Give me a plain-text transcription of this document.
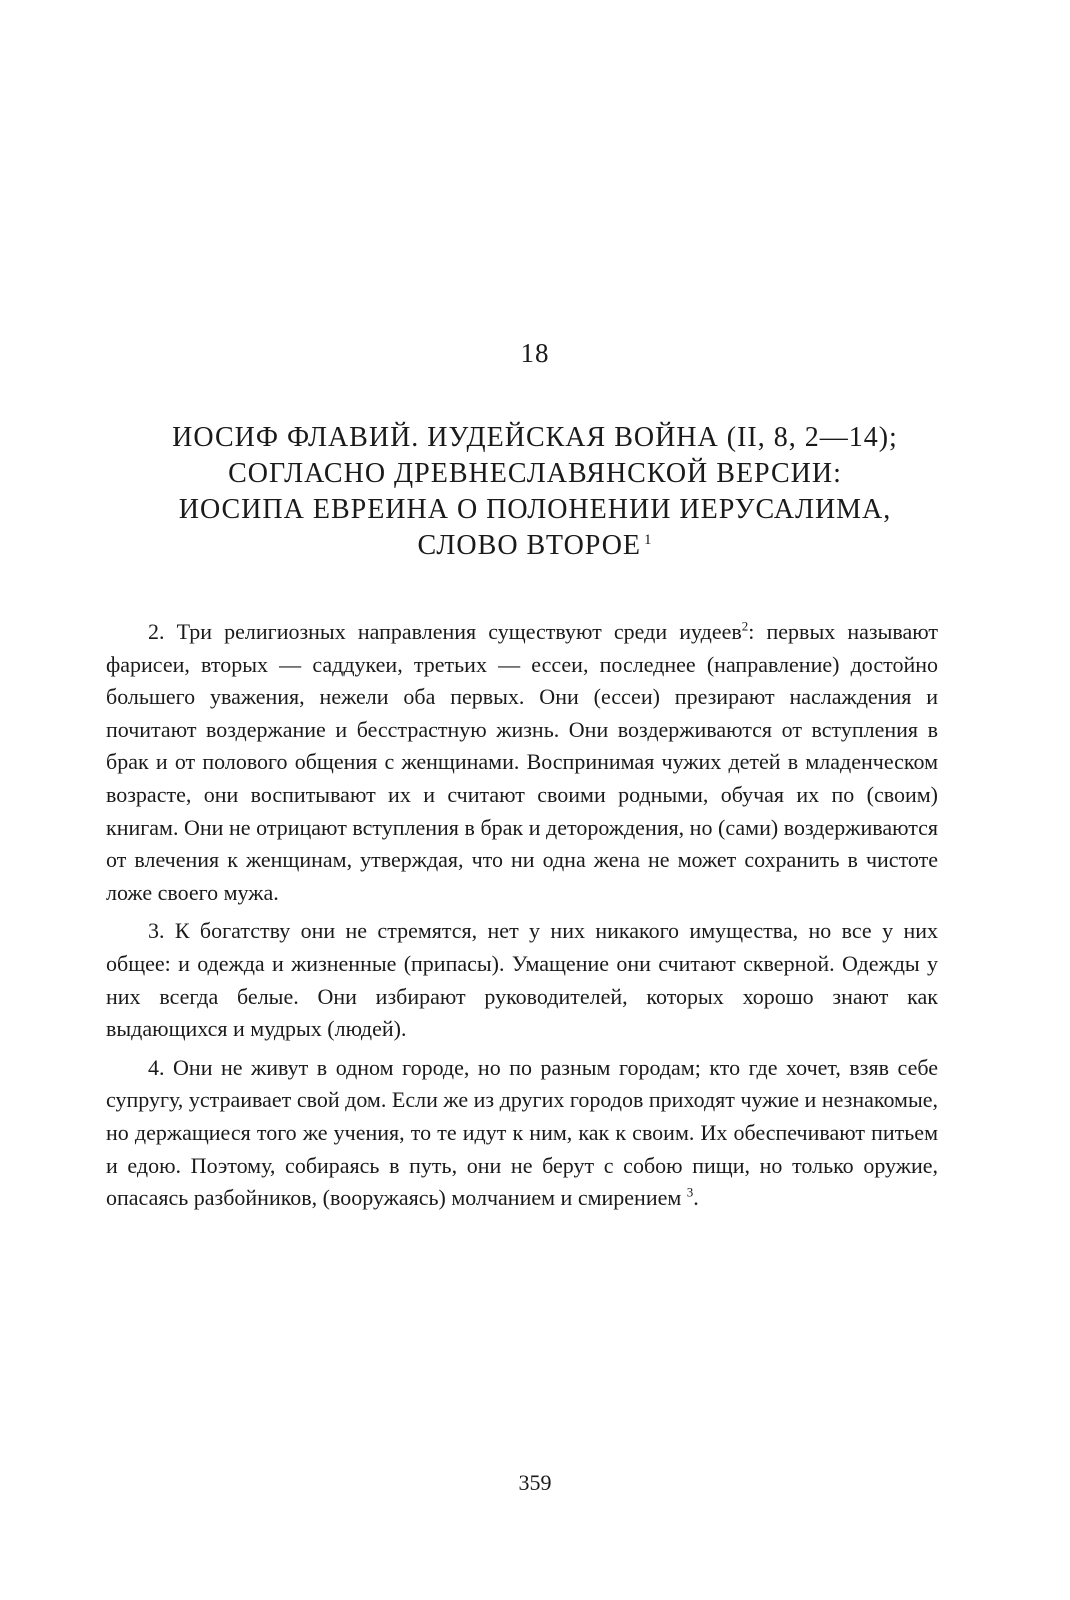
18
ИОСИФ ФЛАВИЙ. ИУДЕЙСКАЯ ВОЙНА (II, 8, 2—14);
СОГЛАСНО ДРЕВНЕСЛАВЯНСКОЙ ВЕРСИИ:
ИОСИПА ЕВРЕИНА О ПОЛОНЕНИИ ИЕРУСАЛИМА,
СЛОВО ВТОРОЕ $^1$

2. Три религиозных направления существуют среди иудеев$^2$: первых называют фарисеи, вторых — саддукеи, третьих — ессеи, последнее (направление) достойно большего уважения, нежели оба первых. Они (ессеи) презирают наслаждения и почитают воздержание и бесстрастную жизнь. Они воздерживаются от вступления в брак и от полового общения с женщинами. Воспринимая чужих детей в младенческом возрасте, они воспитывают их и считают своими родными, обучая их по (своим) книгам. Они не отрицают вступления в брак и деторождения, но (сами) воздерживаются от влечения к женщинам, утверждая, что ни одна жена не может сохранить в чистоте ложе своего мужа.

3. К богатству они не стремятся, нет у них никакого имущества, но все у них общее: и одежда и жизненные (припасы). Умащение они считают скверной. Одежды у них всегда белые. Они избирают руководителей, которых хорошо знают как выдающихся и мудрых (людей).

4. Они не живут в одном городе, но по разным городам; кто где хочет, взяв себе супругу, устраивает свой дом. Если же из других городов приходят чужие и незнакомые, но держащиеся того же учения, то те идут к ним, как к своим. Их обеспечивают питьем и едою. Поэтому, собираясь в путь, они не берут с собою пищи, но только оружие, опасаясь разбойников, (вооружаясь) молчанием и смирением $^3$.

359
